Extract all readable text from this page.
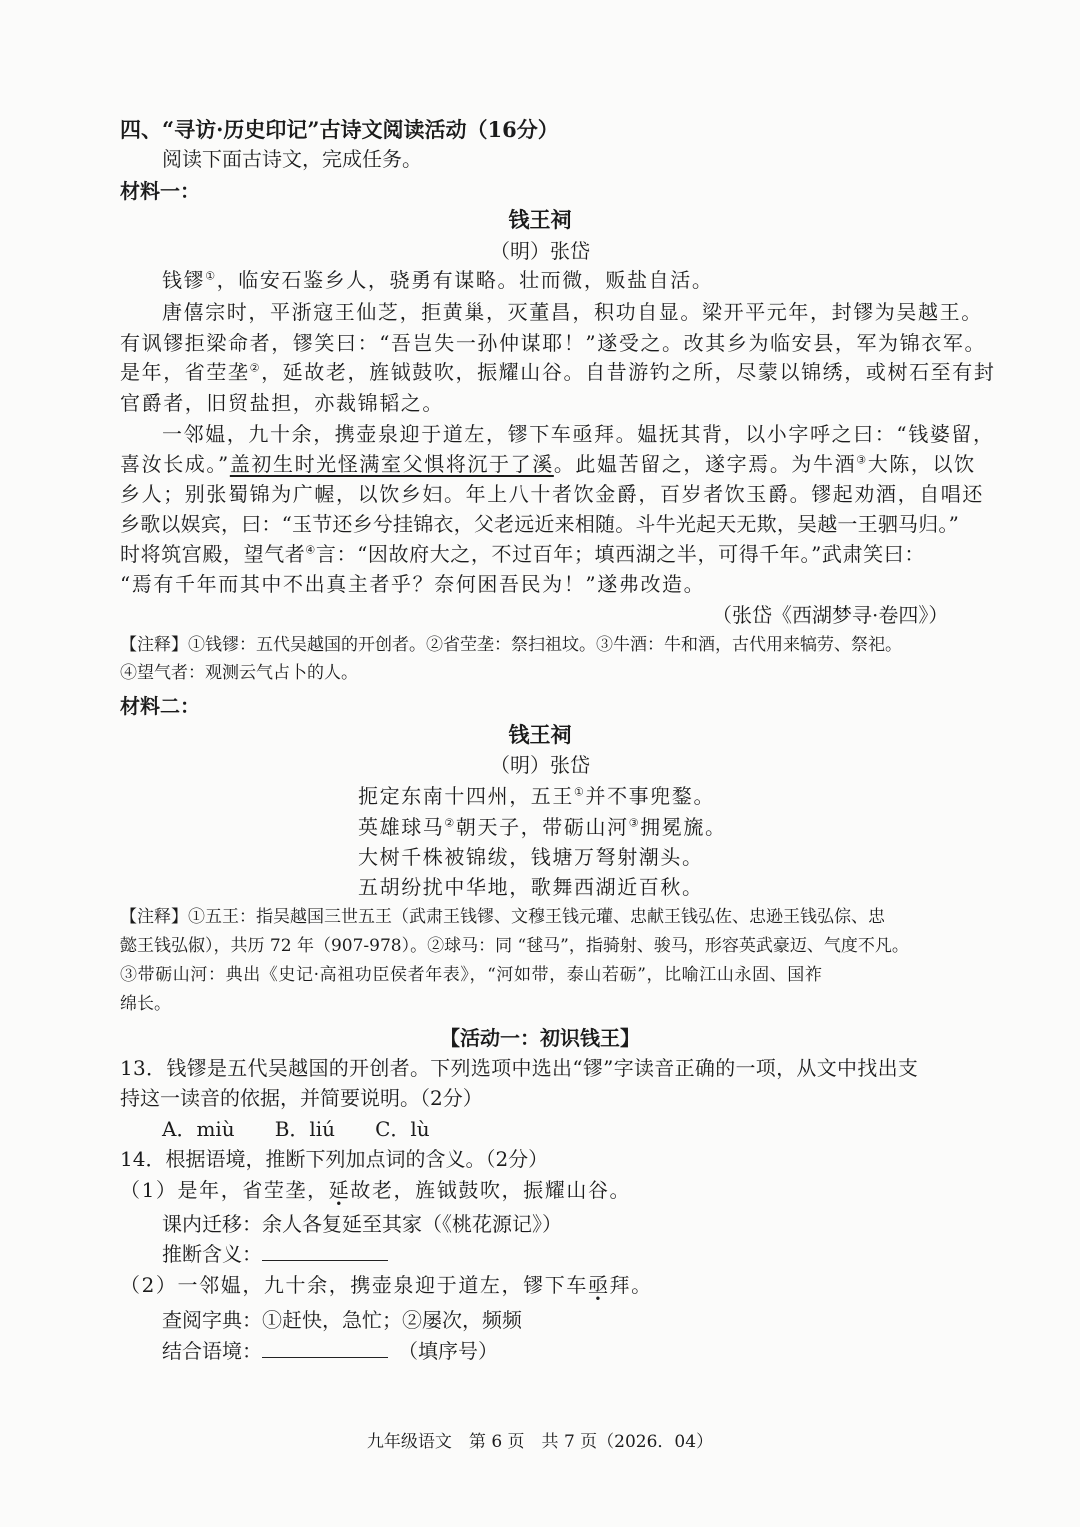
四、“寻访·历史印记”古诗文阅读活动（16分）
阅读下面古诗文，完成任务。
材料一：
钱王祠
（明）张岱
钱镠①，临安石鉴乡人，骁勇有谋略。壮而微，贩盐自活。
唐僖宗时，平浙寇王仙芝，拒黄巢，灭董昌，积功自显。梁开平元年，封镠为吴越王。
有讽镠拒梁命者，镠笑曰：“吾岂失一孙仲谋耶！”遂受之。改其乡为临安县，军为锦衣军。
是年，省茔垄②，延故老，旌钺鼓吹，振耀山谷。自昔游钓之所，尽蒙以锦绣，或树石至有封
官爵者，旧贸盐担，亦裁锦韬之。
一邻媪，九十余，携壶泉迎于道左，镠下车亟拜。媪抚其背，以小字呼之曰：“钱婆留，
喜汝长成。”盖初生时光怪满室父惧将沉于了溪。此媪苦留之，遂字焉。为牛酒③大陈，以饮
乡人；别张蜀锦为广幄，以饮乡妇。年上八十者饮金爵，百岁者饮玉爵。镠起劝酒，自唱还
乡歌以娱宾，曰：“玉节还乡兮挂锦衣，父老远近来相随。斗牛光起天无欺，吴越一王驷马归。”
时将筑宫殿，望气者④言：“因故府大之，不过百年；填西湖之半，可得千年。”武肃笑曰：
“焉有千年而其中不出真主者乎？奈何困吾民为！”遂弗改造。
（张岱《西湖梦寻·卷四》）
【注释】①钱镠：五代吴越国的开创者。②省茔垄：祭扫祖坟。③牛酒：牛和酒，古代用来犒劳、祭祀。
④望气者：观测云气占卜的人。
材料二：
钱王祠
（明）张岱
扼定东南十四州，五王①并不事兜鍪。
英雄球马②朝天子，带砺山河③拥冕旒。
大树千株被锦绂，钱塘万弩射潮头。
五胡纷扰中华地，歌舞西湖近百秋。
【注释】①五王：指吴越国三世五王（武肃王钱镠、文穆王钱元瓘、忠献王钱弘佐、忠逊王钱弘倧、忠
懿王钱弘俶），共历 72 年（907-978）。②球马：同 “毬马”，指骑射、骏马，形容英武豪迈、气度不凡。
③带砺山河：典出《史记·高祖功臣侯者年表》，“河如带，泰山若砺”，比喻江山永固、国祚
绵长。
【活动一：初识钱王】
13．钱镠是五代吴越国的开创者。下列选项中选出“镠”字读音正确的一项，从文中找出支
持这一读音的依据，并简要说明。（2分）
A．miù B．liú C．lù
14．根据语境，推断下列加点词的含义。（2分）
（1）是年，省茔垄，延故老，旌钺鼓吹，振耀山谷。
课内迁移：余人各复延至其家（《桃花源记》）
推断含义：
（2）一邻媪，九十余，携壶泉迎于道左，镠下车亟拜。
查阅字典：①赶快，急忙；②屡次，频频
结合语境：	（填序号）
九年级语文　第 6 页　共 7 页（2026．04）
